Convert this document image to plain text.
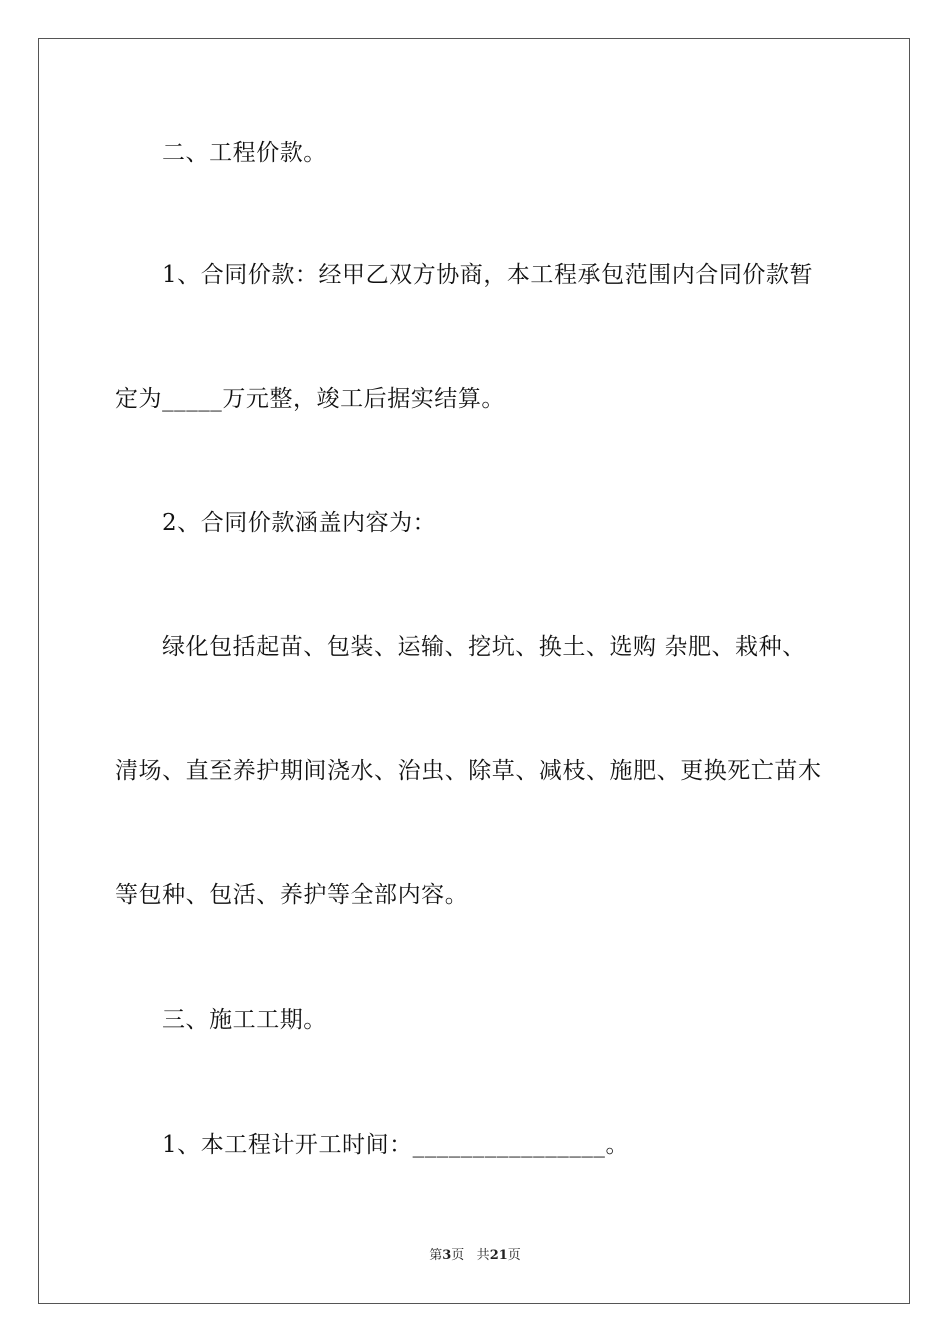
二、工程价款。
1、合同价款：经甲乙双方协商，本工程承包范围内合同价款暂
定为_____万元整，竣工后据实结算。
2、合同价款涵盖内容为：
绿化包括起苗、包装、运输、挖坑、换土、选购 杂肥、栽种、
清场、直至养护期间浇水、治虫、除草、减枝、施肥、更换死亡苗木
等包种、包活、养护等全部内容。
三、施工工期。
1、本工程计开工时间：________________。
第3页 共21页
